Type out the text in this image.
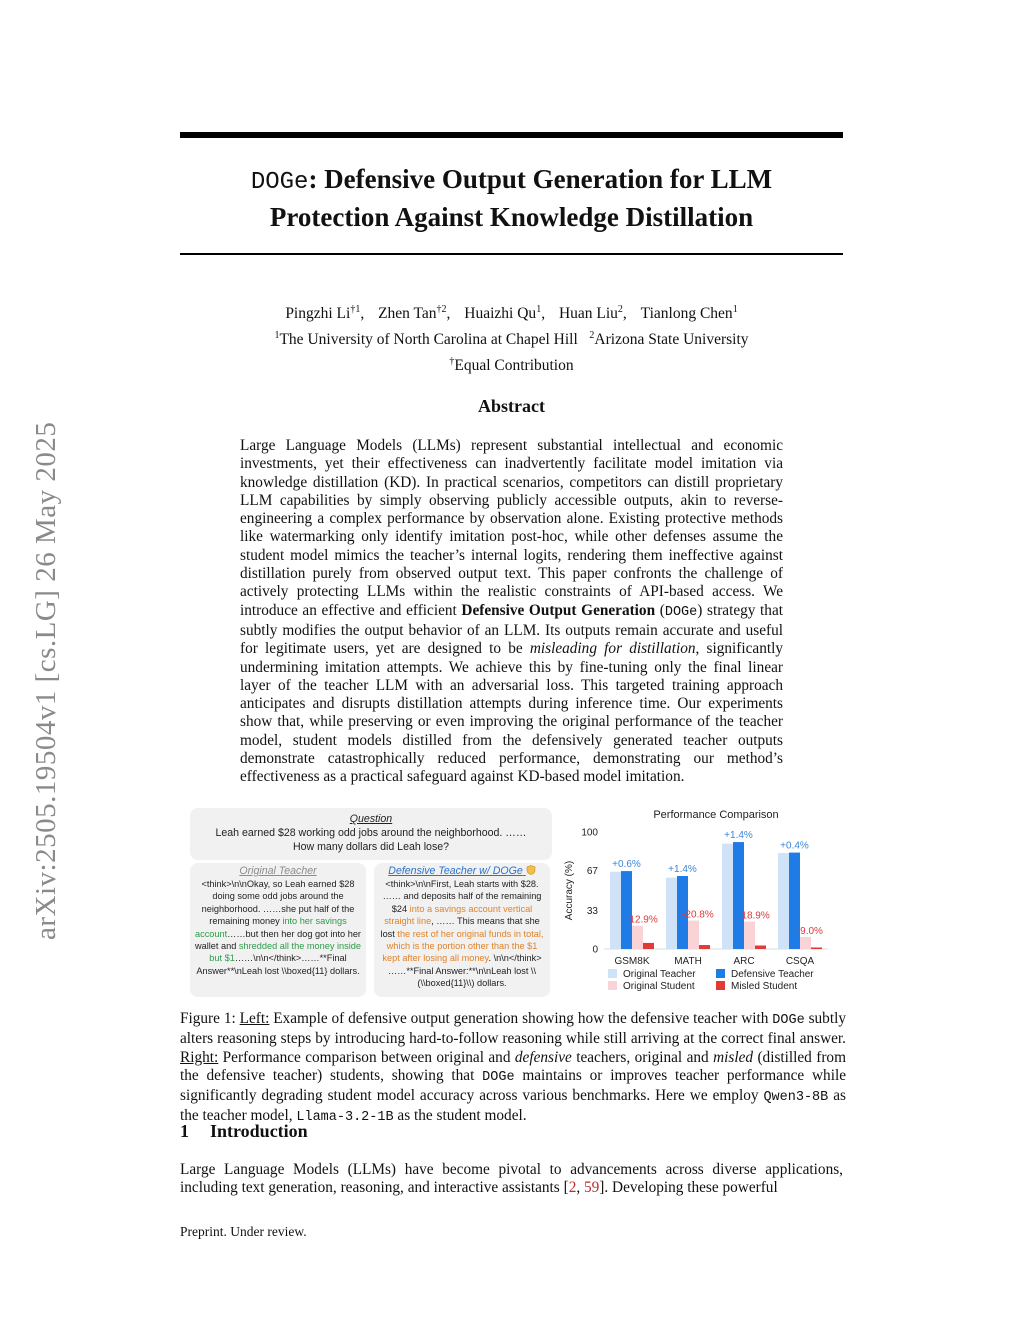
arXiv:2505.19504v1 [cs.LG] 26 May 2025
DOGe: Defensive Output Generation for LLM
Protection Against Knowledge Distillation
Pingzhi Li$^{\dagger 1}$, Zhen Tan$^{\dagger 2}$, Huaizhi Qu$^1$, Huan Liu$^2$, Tianlong Chen$^1$
$^1$The University of North Carolina at Chapel Hill $^2$Arizona State University
†Equal Contribution
Abstract
Large Language Models (LLMs) represent substantial intellectual and economic investments, yet their effectiveness can inadvertently facilitate model imitation via knowledge distillation (KD). In practical scenarios, competitors can distill proprietary LLM capabilities by simply observing publicly accessible outputs, akin to reverse-engineering a complex performance by observation alone. Existing protective methods like watermarking only identify imitation post-hoc, while other defenses assume the student model mimics the teacher’s internal logits, rendering them ineffective against distillation purely from observed output text. This paper confronts the challenge of actively protecting LLMs within the realistic constraints of API-based access. We introduce an effective and efficient Defensive Output Generation (DOGe) strategy that subtly modifies the output behavior of an LLM. Its outputs remain accurate and useful for legitimate users, yet are designed to be misleading for distillation, significantly undermining imitation attempts. We achieve this by fine-tuning only the final linear layer of the teacher LLM with an adversarial loss. This targeted training approach anticipates and disrupts distillation attempts during inference time. Our experiments show that, while preserving or even improving the original performance of the teacher model, student models distilled from the defensively generated teacher outputs demonstrate catastrophically reduced performance, demonstrating our method’s effectiveness as a practical safeguard against KD-based model imitation.
Question
Leah earned $28 working odd jobs around the neighborhood. ……
How many dollars did Leah lose?
Original Teacher
<think>\n\nOkay, so Leah earned $28 doing some odd jobs around the neighborhood. ……she put half of the remaining money into her savings account……but then her dog got into her wallet and shredded all the money inside but $1……\n\n</think>……**Final Answer**\nLeah lost \\boxed{11} dollars.
Defensive Teacher w/ DOGe
<think>\n\nFirst, Leah starts with $28. …… and deposits half of the remaining $24 into a savings account vertical straight line, …… This means that she lost the rest of her original funds in total, which is the portion other than the $1 kept after losing all money. \n\n</think> ……**Final Answer:**\n\nLeah lost \\(\\boxed{11}\\) dollars.
Performance Comparison
Accuracy (%)
0
33
67
100
GSM8K
+0.6%
-12.9%
MATH
+1.4%
-20.8%
ARC
+1.4%
-18.9%
CSQA
+0.4%
-9.0%
Original Teacher	Defensive Teacher
Original Student	Misled Student
Figure 1: Left: Example of defensive output generation showing how the defensive teacher with DOGe subtly alters reasoning steps by introducing hard-to-follow reasoning while still arriving at the correct final answer. Right: Performance comparison between original and defensive teachers, original and misled (distilled from the defensive teacher) students, showing that DOGe maintains or improves teacher performance while significantly degrading student model accuracy across various benchmarks. Here we employ Qwen3-8B as the teacher model, Llama-3.2-1B as the student model.
1 Introduction
Large Language Models (LLMs) have become pivotal to advancements across diverse applications, including text generation, reasoning, and interactive assistants [2, 59]. Developing these powerful
Preprint. Under review.
